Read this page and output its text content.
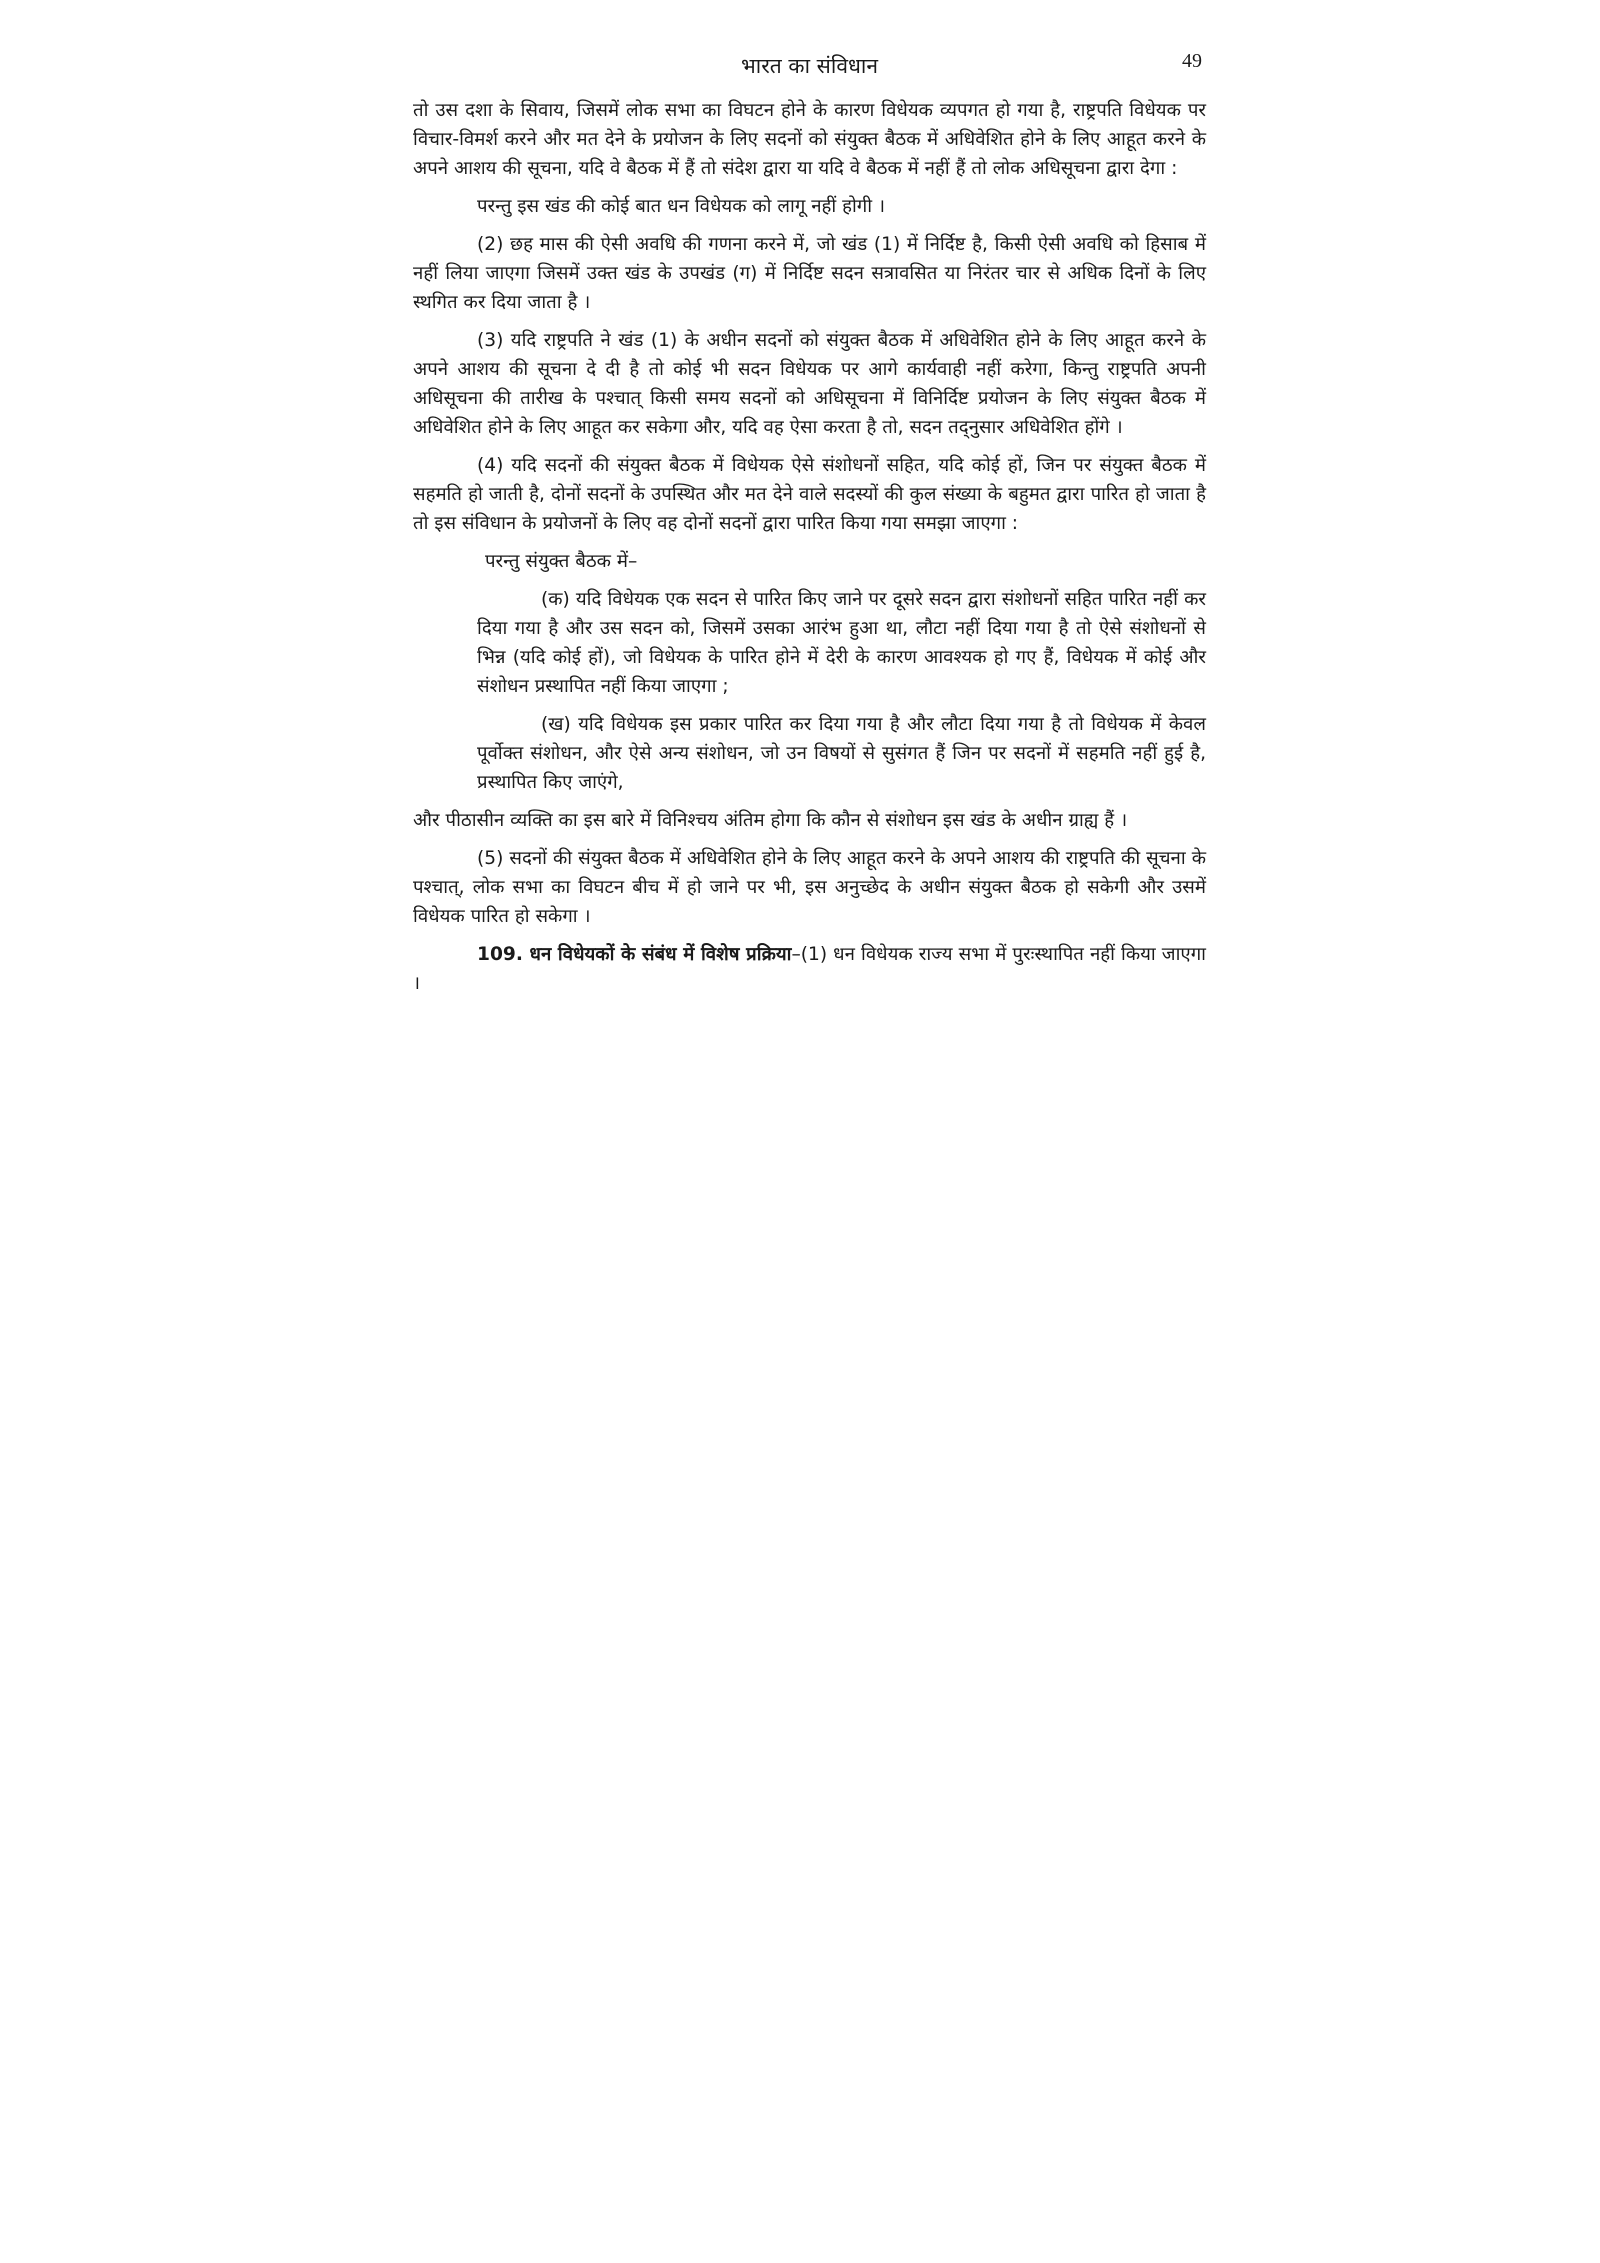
भारत का संविधान	49

तो उस दशा के सिवाय, जिसमें लोक सभा का विघटन होने के कारण विधेयक व्यपगत हो गया है, राष्ट्रपति विधेयक पर विचार-विमर्श करने और मत देने के प्रयोजन के लिए सदनों को संयुक्त बैठक में अधिवेशित होने के लिए आहूत करने के अपने आशय की सूचना, यदि वे बैठक में हैं तो संदेश द्वारा या यदि वे बैठक में नहीं हैं तो लोक अधिसूचना द्वारा देगा :

परन्तु इस खंड की कोई बात धन विधेयक को लागू नहीं होगी ।

(2) छह मास की ऐसी अवधि की गणना करने में, जो खंड (1) में निर्दिष्ट है, किसी ऐसी अवधि को हिसाब में नहीं लिया जाएगा जिसमें उक्त खंड के उपखंड (ग) में निर्दिष्ट सदन सत्रावसित या निरंतर चार से अधिक दिनों के लिए स्थगित कर दिया जाता है ।

(3) यदि राष्ट्रपति ने खंड (1) के अधीन सदनों को संयुक्त बैठक में अधिवेशित होने के लिए आहूत करने के अपने आशय की सूचना दे दी है तो कोई भी सदन विधेयक पर आगे कार्यवाही नहीं करेगा, किन्तु राष्ट्रपति अपनी अधिसूचना की तारीख के पश्चात् किसी समय सदनों को अधिसूचना में विनिर्दिष्ट प्रयोजन के लिए संयुक्त बैठक में अधिवेशित होने के लिए आहूत कर सकेगा और, यदि वह ऐसा करता है तो, सदन तद्नुसार अधिवेशित होंगे ।

(4) यदि सदनों की संयुक्त बैठक में विधेयक ऐसे संशोधनों सहित, यदि कोई हों, जिन पर संयुक्त बैठक में सहमति हो जाती है, दोनों सदनों के उपस्थित और मत देने वाले सदस्यों की कुल संख्या के बहुमत द्वारा पारित हो जाता है तो इस संविधान के प्रयोजनों के लिए वह दोनों सदनों द्वारा पारित किया गया समझा जाएगा :

परन्तु संयुक्त बैठक में–

(क) यदि विधेयक एक सदन से पारित किए जाने पर दूसरे सदन द्वारा संशोधनों सहित पारित नहीं कर दिया गया है और उस सदन को, जिसमें उसका आरंभ हुआ था, लौटा नहीं दिया गया है तो ऐसे संशोधनों से भिन्न (यदि कोई हों), जो विधेयक के पारित होने में देरी के कारण आवश्यक हो गए हैं, विधेयक में कोई और संशोधन प्रस्थापित नहीं किया जाएगा ;

(ख) यदि विधेयक इस प्रकार पारित कर दिया गया है और लौटा दिया गया है तो विधेयक में केवल पूर्वोक्त संशोधन, और ऐसे अन्य संशोधन, जो उन विषयों से सुसंगत हैं जिन पर सदनों में सहमति नहीं हुई है, प्रस्थापित किए जाएंगे,

और पीठासीन व्यक्ति का इस बारे में विनिश्चय अंतिम होगा कि कौन से संशोधन इस खंड के अधीन ग्राह्य हैं ।

(5) सदनों की संयुक्त बैठक में अधिवेशित होने के लिए आहूत करने के अपने आशय की राष्ट्रपति की सूचना के पश्चात्, लोक सभा का विघटन बीच में हो जाने पर भी, इस अनुच्छेद के अधीन संयुक्त बैठक हो सकेगी और उसमें विधेयक पारित हो सकेगा ।

109. धन विधेयकों के संबंध में विशेष प्रक्रिया–(1) धन विधेयक राज्य सभा में पुरःस्थापित नहीं किया जाएगा ।
